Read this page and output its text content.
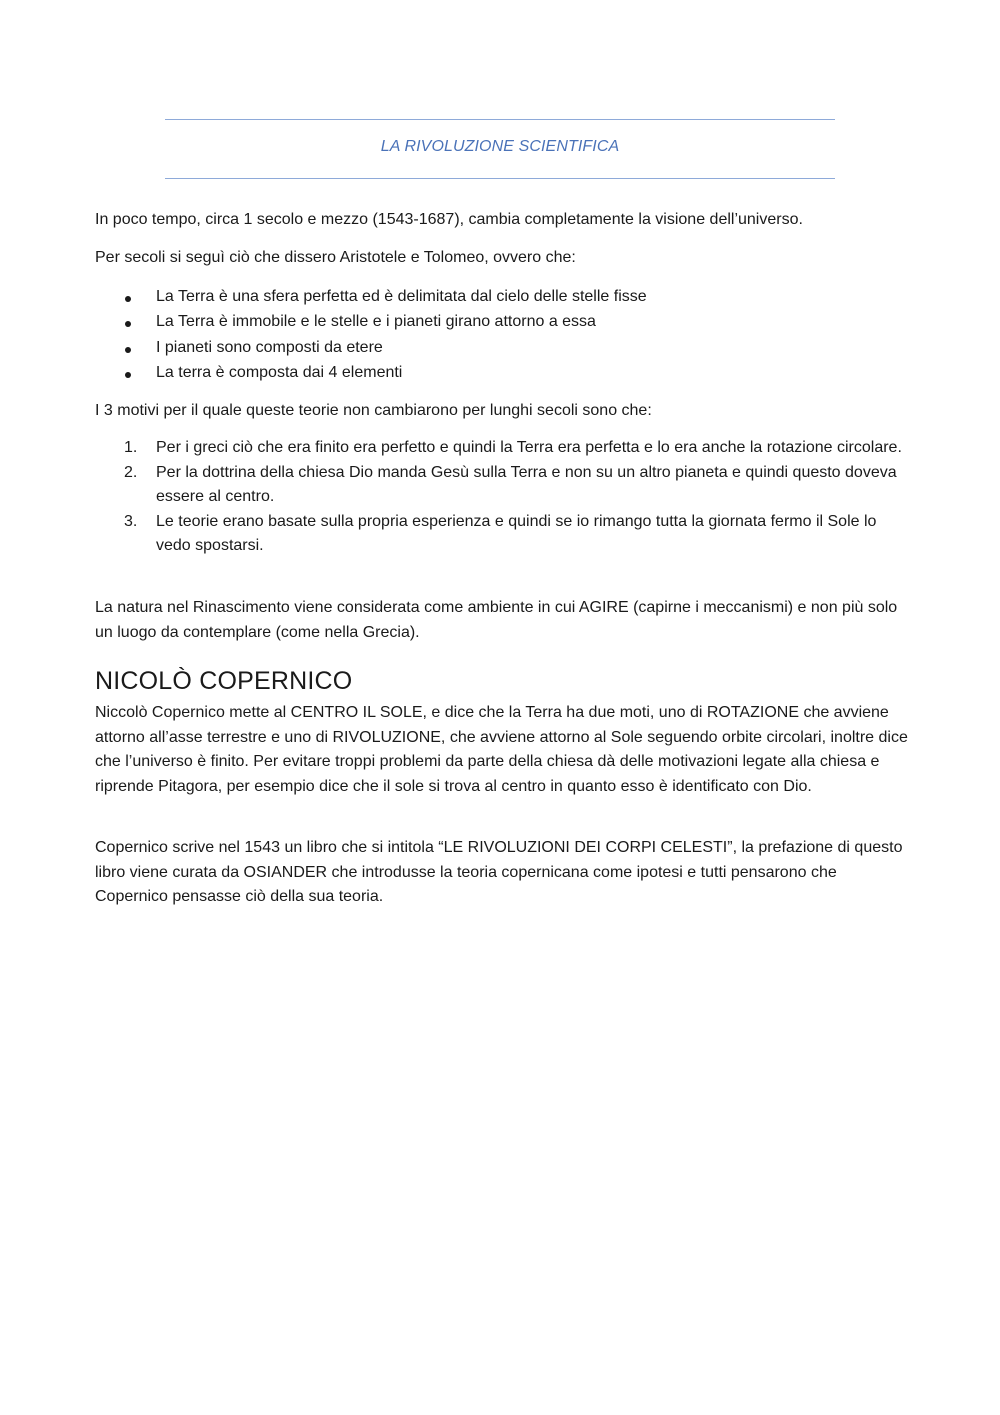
LA RIVOLUZIONE SCIENTIFICA

In poco tempo, circa 1 secolo e mezzo (1543-1687), cambia completamente la visione dell’universo.

Per secoli si seguì ciò che dissero Aristotele e Tolomeo, ovvero che:

La Terra è una sfera perfetta ed è delimitata dal cielo delle stelle fisse
La Terra è immobile e le stelle e i pianeti girano attorno a essa
I pianeti sono composti da etere
La terra è composta dai 4 elementi

I 3 motivi per il quale queste teorie non cambiarono per lunghi secoli sono che:

1. Per i greci ciò che era finito era perfetto e quindi la Terra era perfetta e lo era anche la rotazione circolare.
2. Per la dottrina della chiesa Dio manda Gesù sulla Terra e non su un altro pianeta e quindi questo doveva essere al centro.
3. Le teorie erano basate sulla propria esperienza e quindi se io rimango tutta la giornata fermo il Sole lo vedo spostarsi.

La natura nel Rinascimento viene considerata come ambiente in cui AGIRE (capirne i meccanismi) e non più solo un luogo da contemplare (come nella Grecia).

NICOLÒ COPERNICO

Niccolò Copernico mette al CENTRO IL SOLE, e dice che la Terra ha due moti, uno di ROTAZIONE che avviene attorno all’asse terrestre e uno di RIVOLUZIONE, che avviene attorno al Sole seguendo orbite circolari, inoltre dice che l’universo è finito. Per evitare troppi problemi da parte della chiesa dà delle motivazioni legate alla chiesa e riprende Pitagora, per esempio dice che il sole si trova al centro in quanto esso è identificato con Dio.

Copernico scrive nel 1543 un libro che si intitola “LE RIVOLUZIONI DEI CORPI CELESTI”, la prefazione di questo libro viene curata da OSIANDER che introdusse la teoria copernicana come ipotesi e tutti pensarono che Copernico pensasse ciò della sua teoria.
